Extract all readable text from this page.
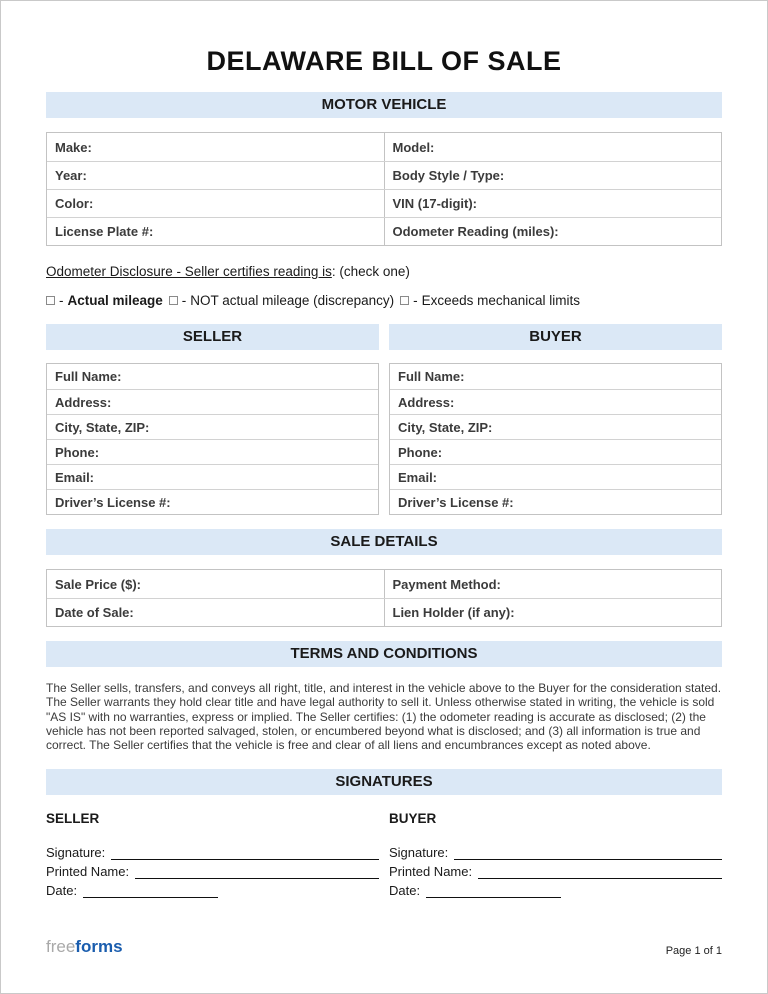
DELAWARE BILL OF SALE
MOTOR VEHICLE
Make:	Model:
Year:	Body Style / Type:
Color:	VIN (17-digit):
License Plate #:	Odometer Reading (miles):
Odometer Disclosure - Seller certifies reading is: (check one)
- Actual mileage - NOT actual mileage (discrepancy) - Exceeds mechanical limits
SELLER	BUYER
Full Name:
Address:
City, State, ZIP:
Phone:
Email:
Driver’s License #:
Full Name:
Address:
City, State, ZIP:
Phone:
Email:
Driver’s License #:
SALE DETAILS
Sale Price ($):	Payment Method:
Date of Sale:	Lien Holder (if any):
TERMS AND CONDITIONS
The Seller sells, transfers, and conveys all right, title, and interest in the vehicle above to the Buyer for the consideration stated. The Seller warrants they hold clear title and have legal authority to sell it. Unless otherwise stated in writing, the vehicle is sold "AS IS" with no warranties, express or implied. The Seller certifies: (1) the odometer reading is accurate as disclosed; (2) the vehicle has not been reported salvaged, stolen, or encumbered beyond what is disclosed; and (3) all information is true and correct. The Seller certifies that the vehicle is free and clear of all liens and encumbrances except as noted above.
SIGNATURES
SELLER
Signature:
Printed Name:
Date:
BUYER
Signature:
Printed Name:
Date:
freeforms	Page 1 of 1
